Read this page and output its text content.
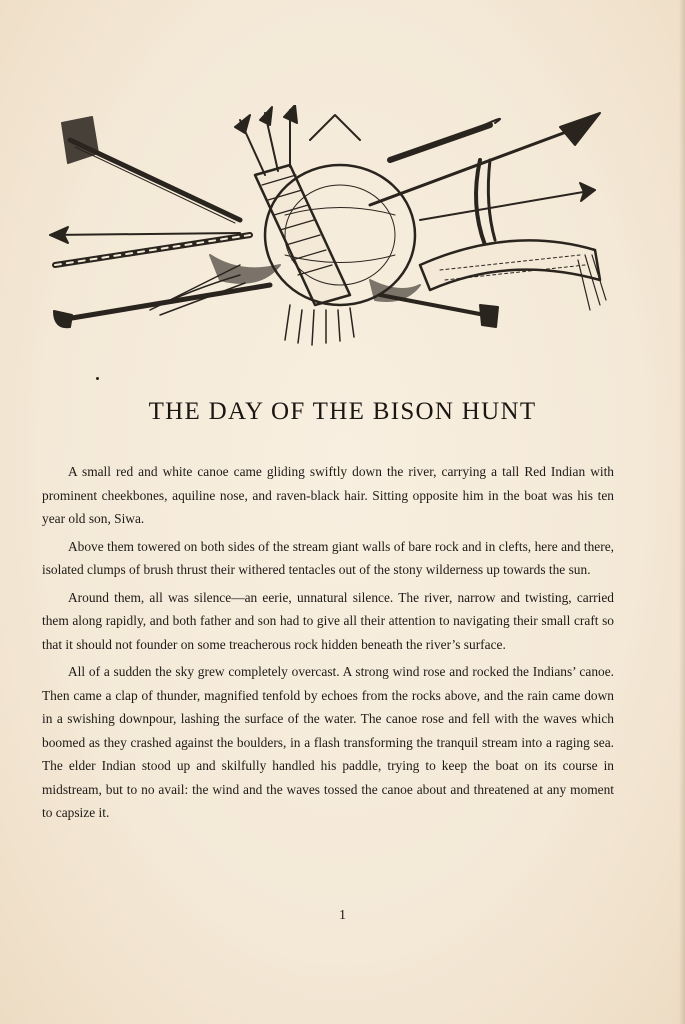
THE DAY OF THE BISON HUNT

A small red and white canoe came gliding swiftly down the river, carrying a tall Red Indian with prominent cheekbones, aquiline nose, and raven-black hair. Sitting opposite him in the boat was his ten year old son, Siwa.

Above them towered on both sides of the stream giant walls of bare rock and in clefts, here and there, isolated clumps of brush thrust their withered tentacles out of the stony wilderness up towards the sun.

Around them, all was silence—an eerie, unnatural silence. The river, narrow and twisting, carried them along rapidly, and both father and son had to give all their attention to navigating their small craft so that it should not founder on some treacherous rock hidden beneath the river’s surface.

All of a sudden the sky grew completely overcast. A strong wind rose and rocked the Indians’ canoe. Then came a clap of thunder, magnified tenfold by echoes from the rocks above, and the rain came down in a swishing downpour, lashing the surface of the water. The canoe rose and fell with the waves which boomed as they crashed against the boulders, in a flash transforming the tranquil stream into a raging sea. The elder Indian stood up and skilfully handled his paddle, trying to keep the boat on its course in midstream, but to no avail: the wind and the waves tossed the canoe about and threatened at any moment to capsize it.

1
